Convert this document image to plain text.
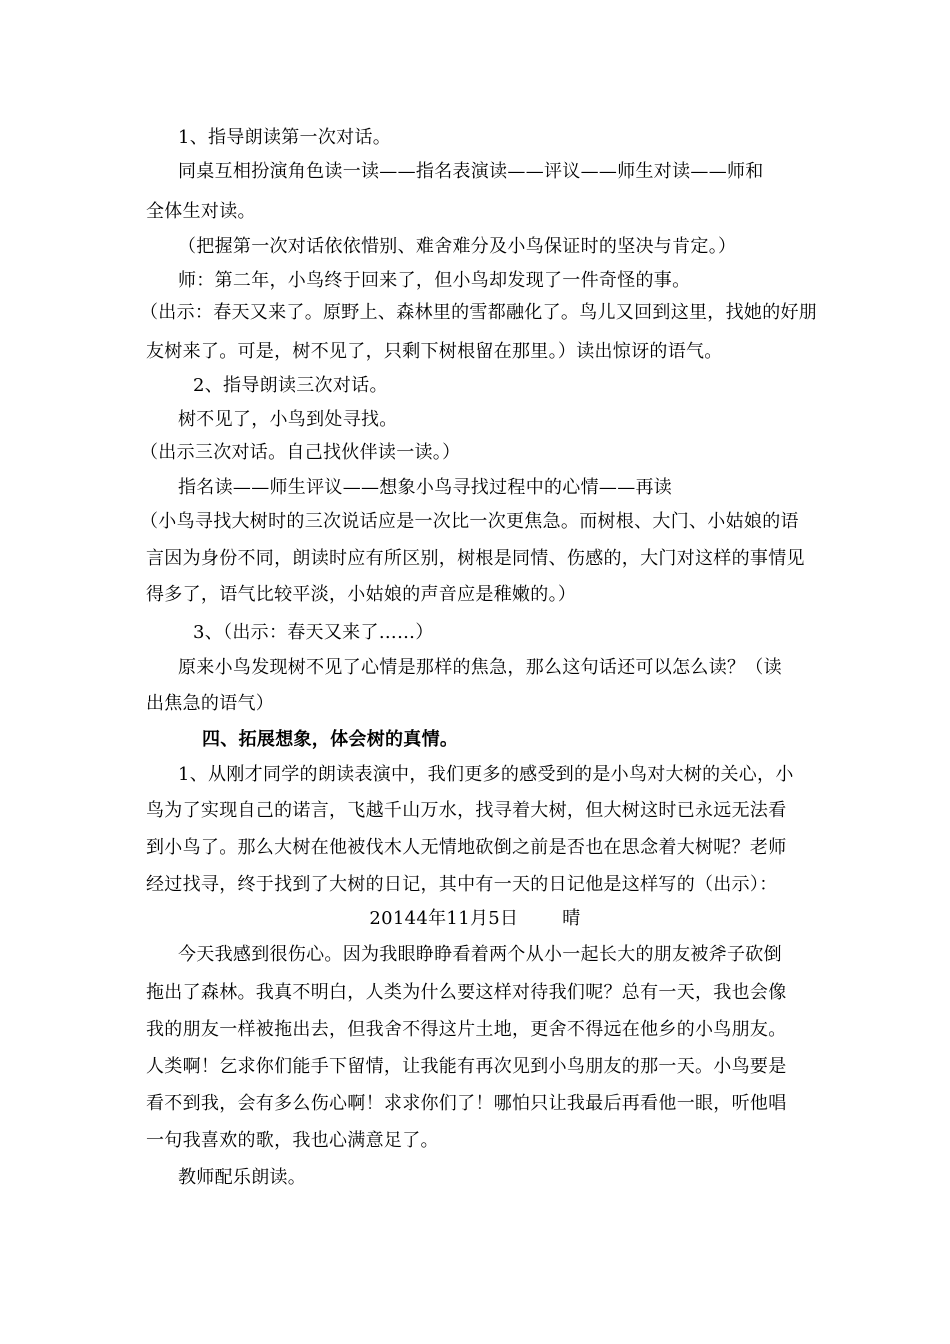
1、指导朗读第一次对话。
同桌互相扮演角色读一读——指名表演读——评议——师生对读——师和
全体生对读。
（把握第一次对话依依惜别、难舍难分及小鸟保证时的坚决与肯定。）
师：第二年，小鸟终于回来了，但小鸟却发现了一件奇怪的事。
（出示：春天又来了。原野上、森林里的雪都融化了。鸟儿又回到这里，找她的好朋
友树来了。可是，树不见了，只剩下树根留在那里。）读出惊讶的语气。
2、指导朗读三次对话。
树不见了，小鸟到处寻找。
（出示三次对话。自己找伙伴读一读。）
指名读——师生评议——想象小鸟寻找过程中的心情——再读
（小鸟寻找大树时的三次说话应是一次比一次更焦急。而树根、大门、小姑娘的语
言因为身份不同，朗读时应有所区别，树根是同情、伤感的，大门对这样的事情见
得多了，语气比较平淡，小姑娘的声音应是稚嫩的。）
3、（出示：春天又来了……）
原来小鸟发现树不见了心情是那样的焦急，那么这句话还可以怎么读？（读
出焦急的语气）
四、拓展想象，体会树的真情。
1、从刚才同学的朗读表演中，我们更多的感受到的是小鸟对大树的关心，小
鸟为了实现自己的诺言，飞越千山万水，找寻着大树，但大树这时已永远无法看
到小鸟了。那么大树在他被伐木人无情地砍倒之前是否也在思念着大树呢？老师
经过找寻，终于找到了大树的日记，其中有一天的日记他是这样写的（出示）：
20144年11月5日 晴
今天我感到很伤心。因为我眼睁睁看着两个从小一起长大的朋友被斧子砍倒
拖出了森林。我真不明白，人类为什么要这样对待我们呢？总有一天，我也会像
我的朋友一样被拖出去，但我舍不得这片土地，更舍不得远在他乡的小鸟朋友。
人类啊！乞求你们能手下留情，让我能有再次见到小鸟朋友的那一天。小鸟要是
看不到我，会有多么伤心啊！求求你们了！哪怕只让我最后再看他一眼，听他唱
一句我喜欢的歌，我也心满意足了。
教师配乐朗读。
